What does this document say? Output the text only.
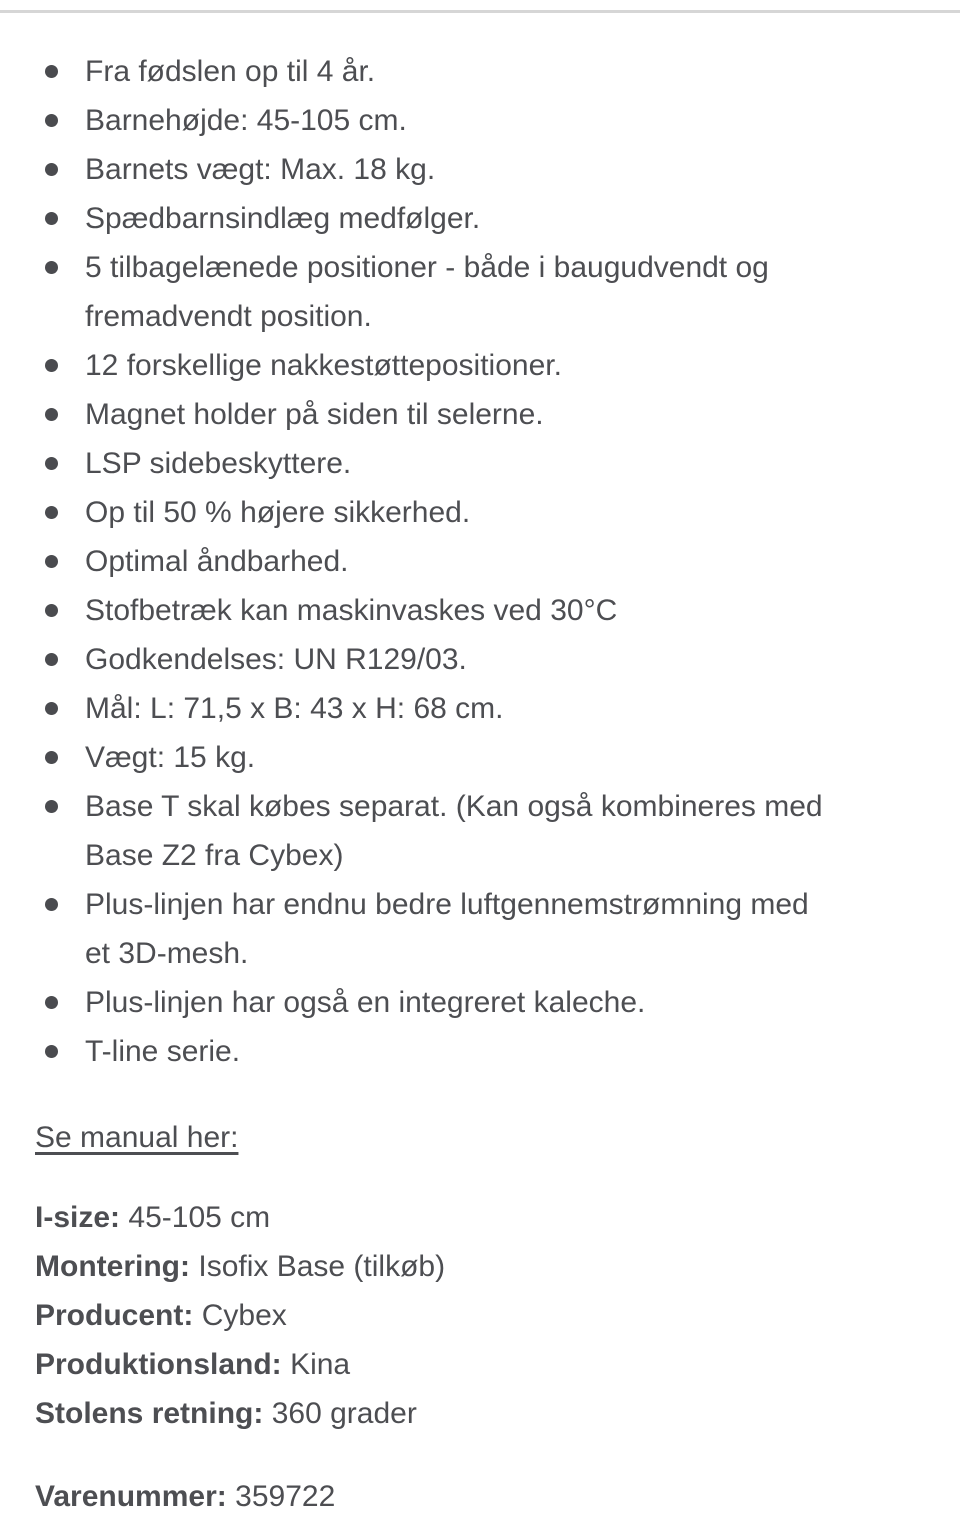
Fra fødslen op til 4 år.
Barnehøjde: 45-105 cm.
Barnets vægt: Max. 18 kg.
Spædbarnsindlæg medfølger.
5 tilbagelænede positioner - både i baugudvendt og fremadvendt position.
12 forskellige nakkestøttepositioner.
Magnet holder på siden til selerne.
LSP sidebeskyttere.
Op til 50 % højere sikkerhed.
Optimal åndbarhed.
Stofbetræk kan maskinvaskes ved 30°C
Godkendelses: UN R129/03.
Mål: L: 71,5 x B: 43 x H: 68 cm.
Vægt: 15 kg.
Base T skal købes separat. (Kan også kombineres med Base Z2 fra Cybex)
Plus-linjen har endnu bedre luftgennemstrømning med et 3D-mesh.
Plus-linjen har også en integreret kaleche.
T-line serie.

Se manual her:

I-size: 45-105 cm

Montering: Isofix Base (tilkøb)

Producent: Cybex

Produktionsland: Kina

Stolens retning: 360 grader

Varenummer: 359722
